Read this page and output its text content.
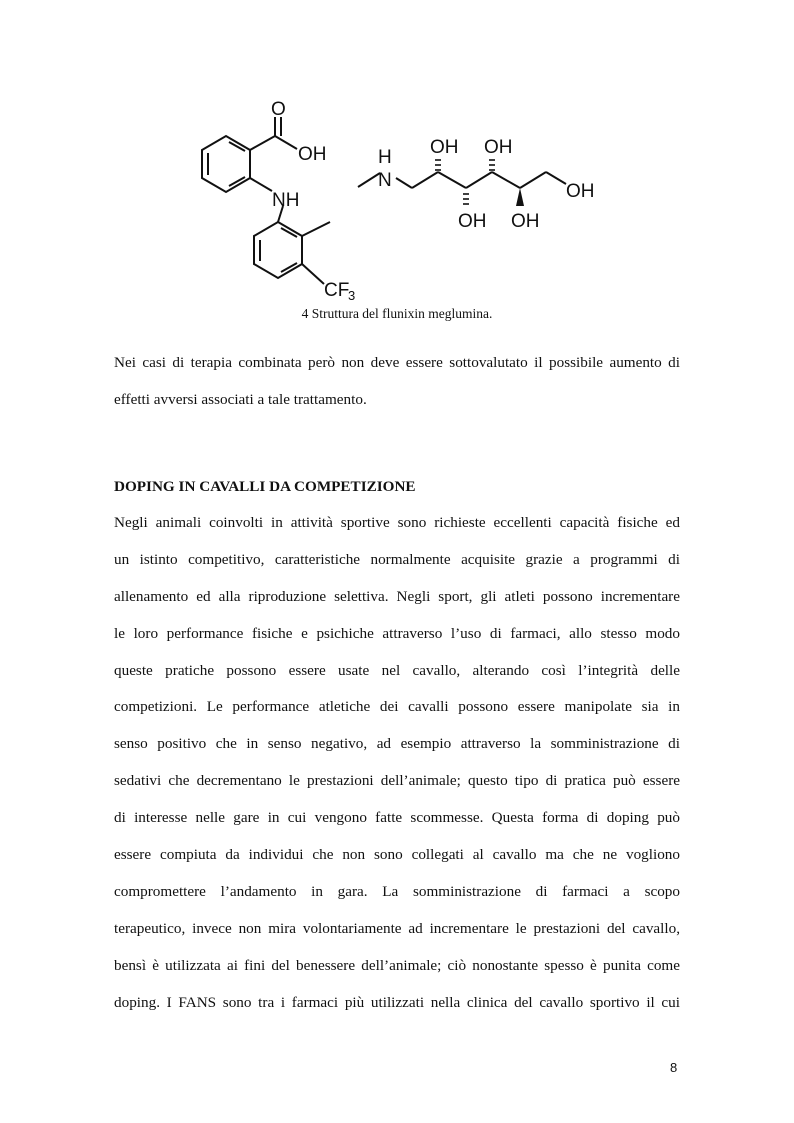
O
OH
NH
CF
3
H
N
OH OH
OH
OH OH
4 Struttura del flunixin meglumina.
Nei casi di terapia combinata però non deve essere sottovalutato il possibile aumento di
effetti avversi associati a tale trattamento.
DOPING IN CAVALLI DA COMPETIZIONE
Negli animali coinvolti in attività sportive sono richieste eccellenti capacità fisiche ed
un istinto competitivo, caratteristiche normalmente acquisite grazie a programmi di
allenamento ed alla riproduzione selettiva. Negli sport, gli atleti possono incrementare
le loro performance fisiche e psichiche attraverso l’uso di farmaci, allo stesso modo
queste pratiche possono essere usate nel cavallo, alterando così l’integrità delle
competizioni. Le performance atletiche dei cavalli possono essere manipolate sia in
senso positivo che in senso negativo, ad esempio attraverso la somministrazione di
sedativi che decrementano le prestazioni dell’animale; questo tipo di pratica può essere
di interesse nelle gare in cui vengono fatte scommesse. Questa forma di doping può
essere compiuta da individui che non sono collegati al cavallo ma che ne vogliono
compromettere l’andamento in gara. La somministrazione di farmaci a scopo
terapeutico, invece non mira volontariamente ad incrementare le prestazioni del cavallo,
bensì è utilizzata ai fini del benessere dell’animale; ciò nonostante spesso è punita come
doping. I FANS sono tra i farmaci più utilizzati nella clinica del cavallo sportivo il cui
8
